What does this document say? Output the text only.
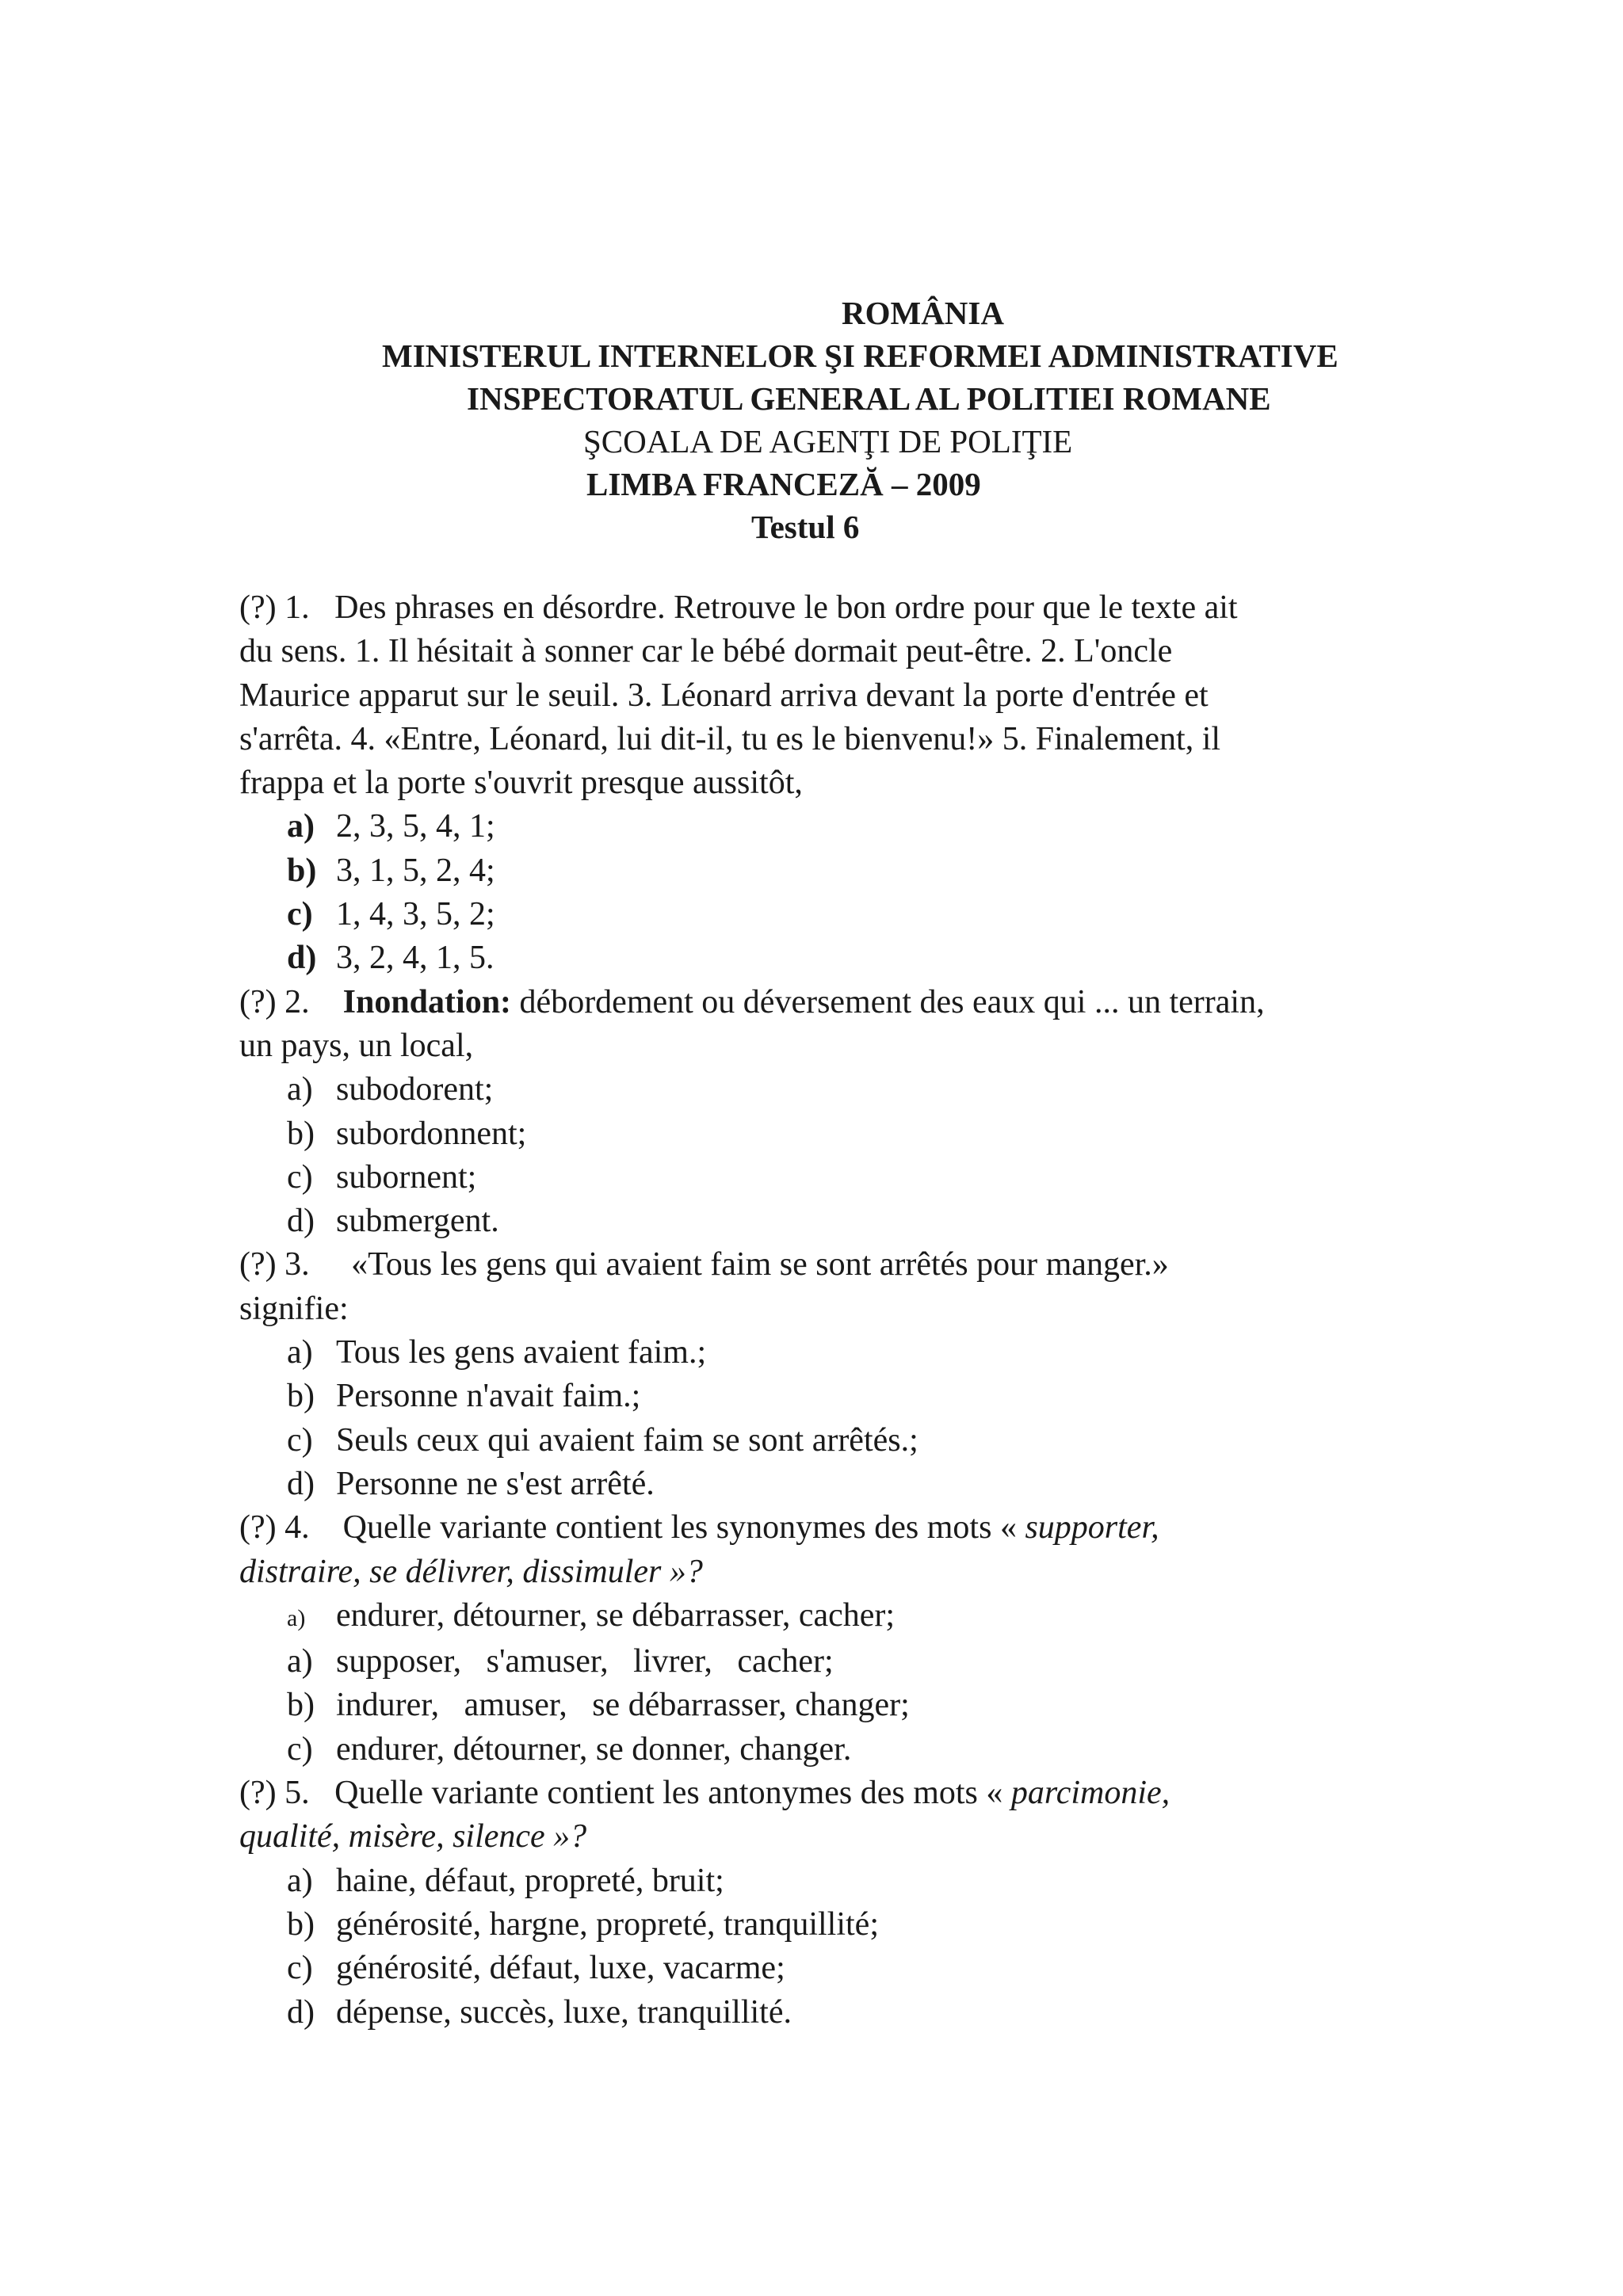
ROMÂNIA
MINISTERUL INTERNELOR ŞI REFORMEI ADMINISTRATIVE
INSPECTORATUL GENERAL AL POLITIEI ROMANE
ŞCOALA DE AGENŢI DE POLIŢIE
LIMBA FRANCEZĂ – 2009
Testul 6

(?) 1. Des phrases en désordre. Retrouve le bon ordre pour que le texte ait

du sens. 1. Il hésitait à sonner car le bébé dormait peut-être. 2. L'oncle

Maurice apparut sur le seuil. 3. Léonard arriva devant la porte d'entrée et

s'arrêta. 4. «Entre, Léonard, lui dit-il, tu es le bienvenu!» 5. Finalement, il

frappa et la porte s'ouvrit presque aussitôt,

a) 2, 3, 5, 4, 1;

b) 3, 1, 5, 2, 4;

c) 1, 4, 3, 5, 2;

d) 3, 2, 4, 1, 5.

(?) 2. Inondation: débordement ou déversement des eaux qui ... un terrain,

un pays, un local,

a) subodorent;

b) subordonnent;

c) subornent;

d) submergent.

(?) 3. «Tous les gens qui avaient faim se sont arrêtés pour manger.»

signifie:

a) Tous les gens avaient faim.;

b) Personne n'avait faim.;

c) Seuls ceux qui avaient faim se sont arrêtés.;

d) Personne ne s'est arrêté.

(?) 4. Quelle variante contient les synonymes des mots « supporter,

distraire, se délivrer, dissimuler »?

a) endurer, détourner, se débarrasser, cacher;

a) supposer,   s'amuser,   livrer,   cacher;

b) indurer,   amuser,   se débarrasser, changer;

c) endurer, détourner, se donner, changer.

(?) 5. Quelle variante contient les antonymes des mots « parcimonie,

qualité, misère, silence »?

a) haine, défaut, propreté, bruit;

b) générosité, hargne, propreté, tranquillité;

c) générosité, défaut, luxe, vacarme;

d) dépense, succès, luxe, tranquillité.
